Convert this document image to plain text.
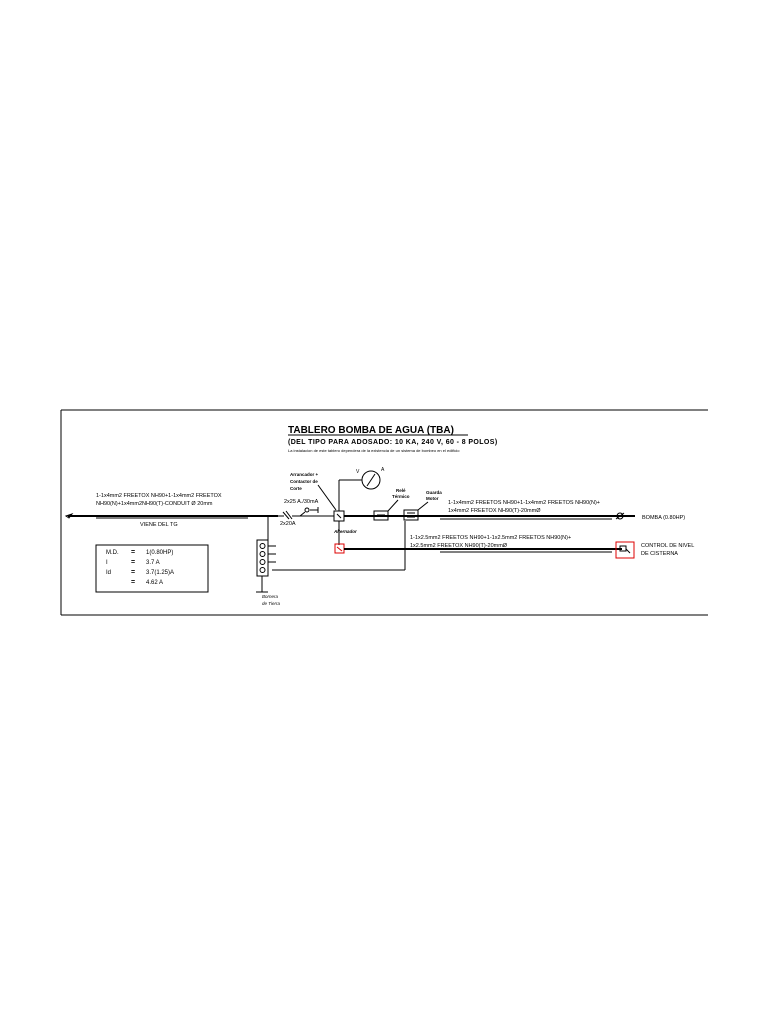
TABLERO BOMBA DE AGUA (TBA)
(DEL TIPO PARA ADOSADO: 10 KA, 240 V, 60 - 8 POLOS)
La instalacion de este tablero dependera de la existencia de un sistema de bombeo en el edificio
1-1x4mm2 FREETOX NH90+1-1x4mm2 FREETOX
NH90(N)+1x4mm2NH90(T)-CONDUIT Ø 20mm
VIENE DEL TG	2x20A
2x25 A./30mA
Arrancador +
Contactor de
Corte
V	A
Relé
Térmico
Guarda
Motor
1-1x4mm2 FREETOS NH90+1-1x4mm2 FREETOS NH90(N)+
1x4mm2 FREETOX NH90(T)-20mmØ
BOMBA (0.80HP)
Alternador
1-1x2.5mm2 FREETOS NH90+1-1x2.5mm2 FREETOS NH90(N)+
1x2.5mm2 FREETOX NH90(T)-20mmØ	CONTROL DE NIVEL
DE CISTERNA
Bornera
de Tierra
M.D. = 1(0.80HP)
I	= 3.7 A
Id	= 3.7(1.25)A
= 4.62 A
